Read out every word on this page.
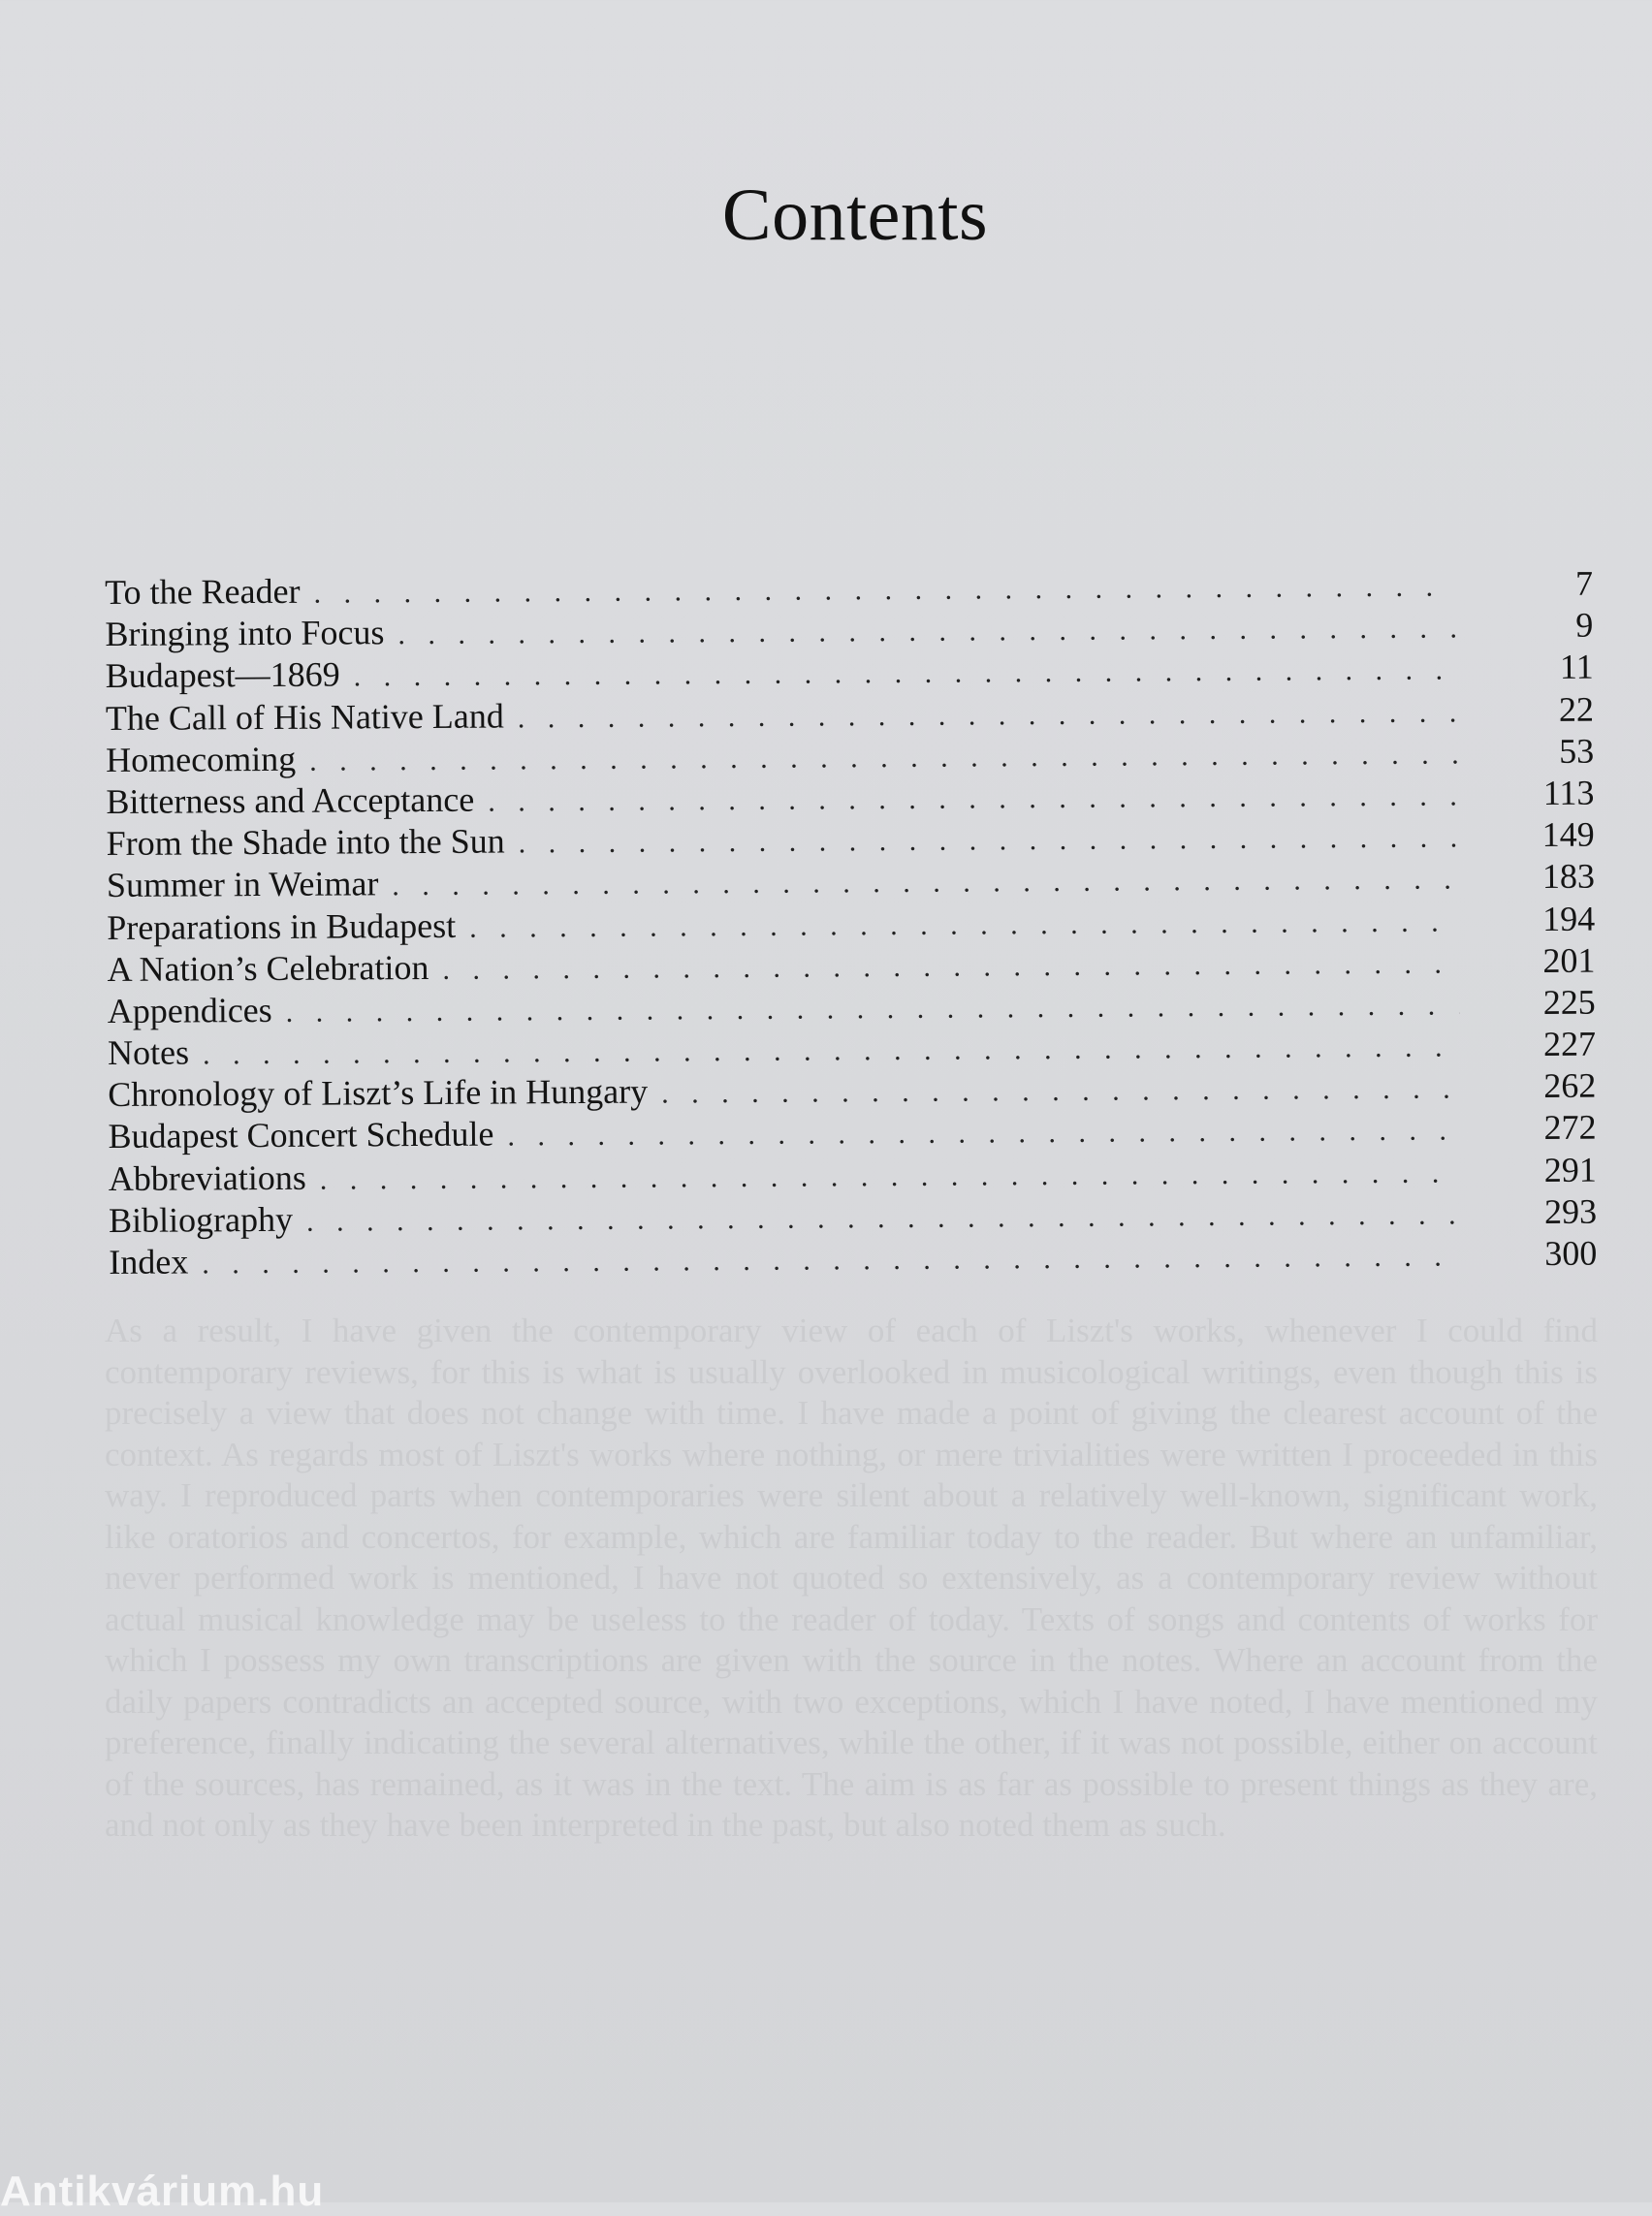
As a result, I have given the contemporary view of each of Liszt's works, whenever I could find contemporary reviews, for this is what is usually overlooked in musicological writings, even though this is precisely a view that does not change with time. I have made a point of giving the clearest account of the context. As regards most of Liszt's works where nothing, or mere trivialities were written I proceeded in this way. I reproduced parts when contemporaries were silent about a relatively well-known, significant work, like oratorios and concertos, for example, which are familiar today to the reader. But where an unfamiliar, never performed work is mentioned, I have not quoted so extensively, as a contemporary review without actual musical knowledge may be useless to the reader of today. Texts of songs and contents of works for which I possess my own transcriptions are given with the source in the notes. Where an account from the daily papers contradicts an accepted source, with two exceptions, which I have noted, I have mentioned my preference, finally indicating the several alternatives, while the other, if it was not possible, either on account of the sources, has remained, as it was in the text. The aim is as far as possible to present things as they are, and not only as they have been interpreted in the past, but also noted them as such.
Contents
To the Reader . . .	7
Bringing into Focus . . .	9
Budapest—1869 . . .	11
The Call of His Native Land . . .	22
Homecoming . . .	53
Bitterness and Acceptance . . .	113
From the Shade into the Sun . . .	149
Summer in Weimar . . .	183
Preparations in Budapest . . .	194
A Nation’s Celebration . . .	201
Appendices . . .	225
Notes . . .	227
Chronology of Liszt’s Life in Hungary . . .	262
Budapest Concert Schedule . . .	272
Abbreviations . . .	291
Bibliography . . .	293
Index . . .	300
Antikvárium.hu
